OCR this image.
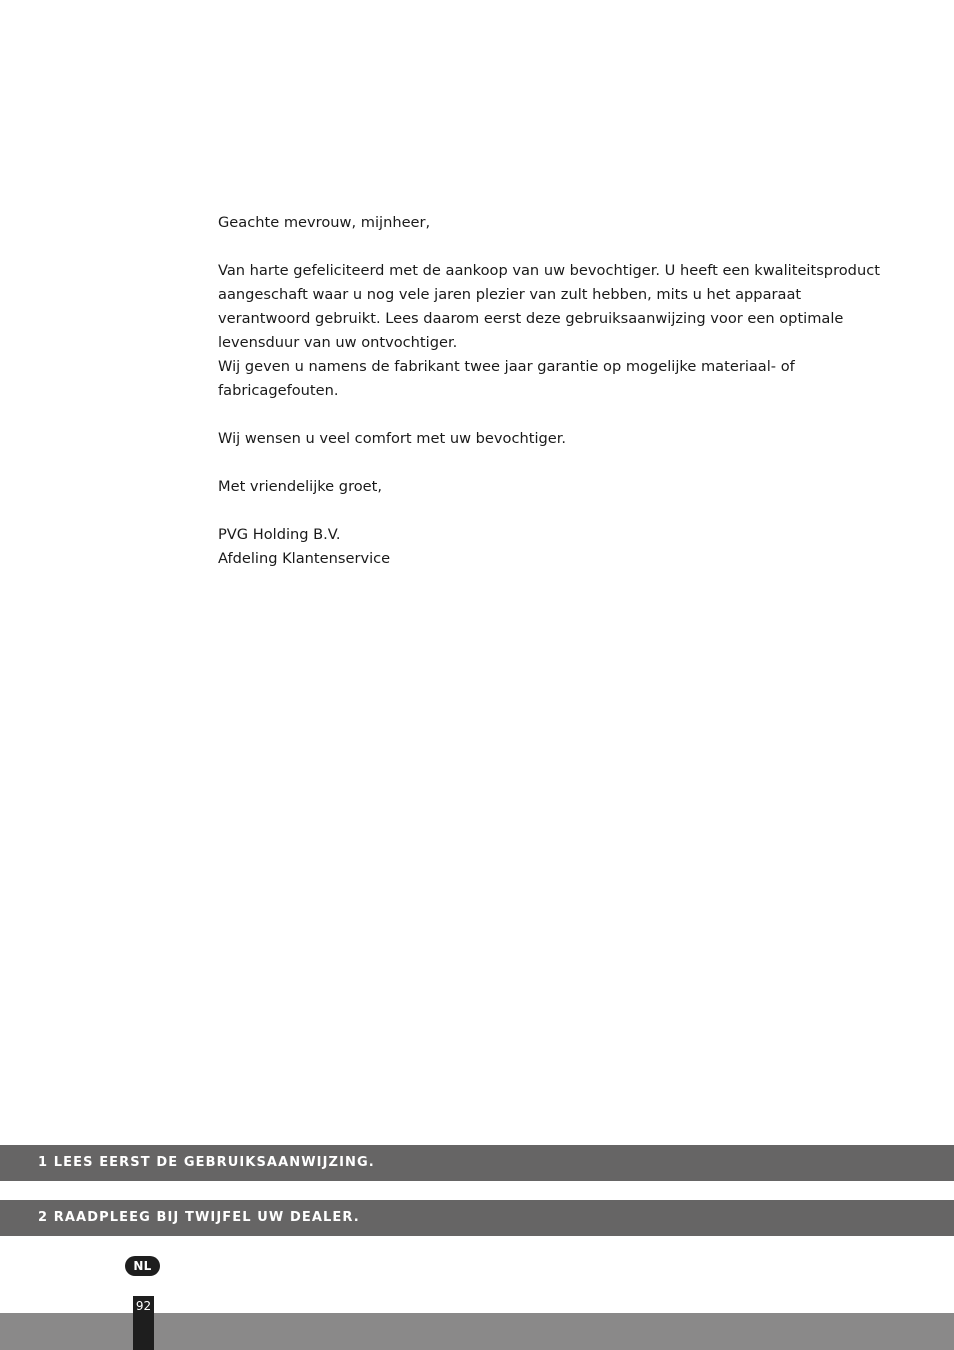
Geachte mevrouw, mijnheer,

Van harte gefeliciteerd met de aankoop van uw bevochtiger. U heeft een kwaliteitsproduct
aangeschaft waar u nog vele jaren plezier van zult hebben, mits u het apparaat
verantwoord gebruikt. Lees daarom eerst deze gebruiksaanwijzing voor een optimale
levensduur van uw ontvochtiger.
Wij geven u namens de fabrikant twee jaar garantie op mogelijke materiaal- of
fabricagefouten.

Wij wensen u veel comfort met uw bevochtiger.

Met vriendelijke groet,

PVG Holding B.V.
Afdeling Klantenservice

1 LEES EERST DE GEBRUIKSAANWIJZING.
2 RAADPLEEG BIJ TWIJFEL UW DEALER.
NL
92
